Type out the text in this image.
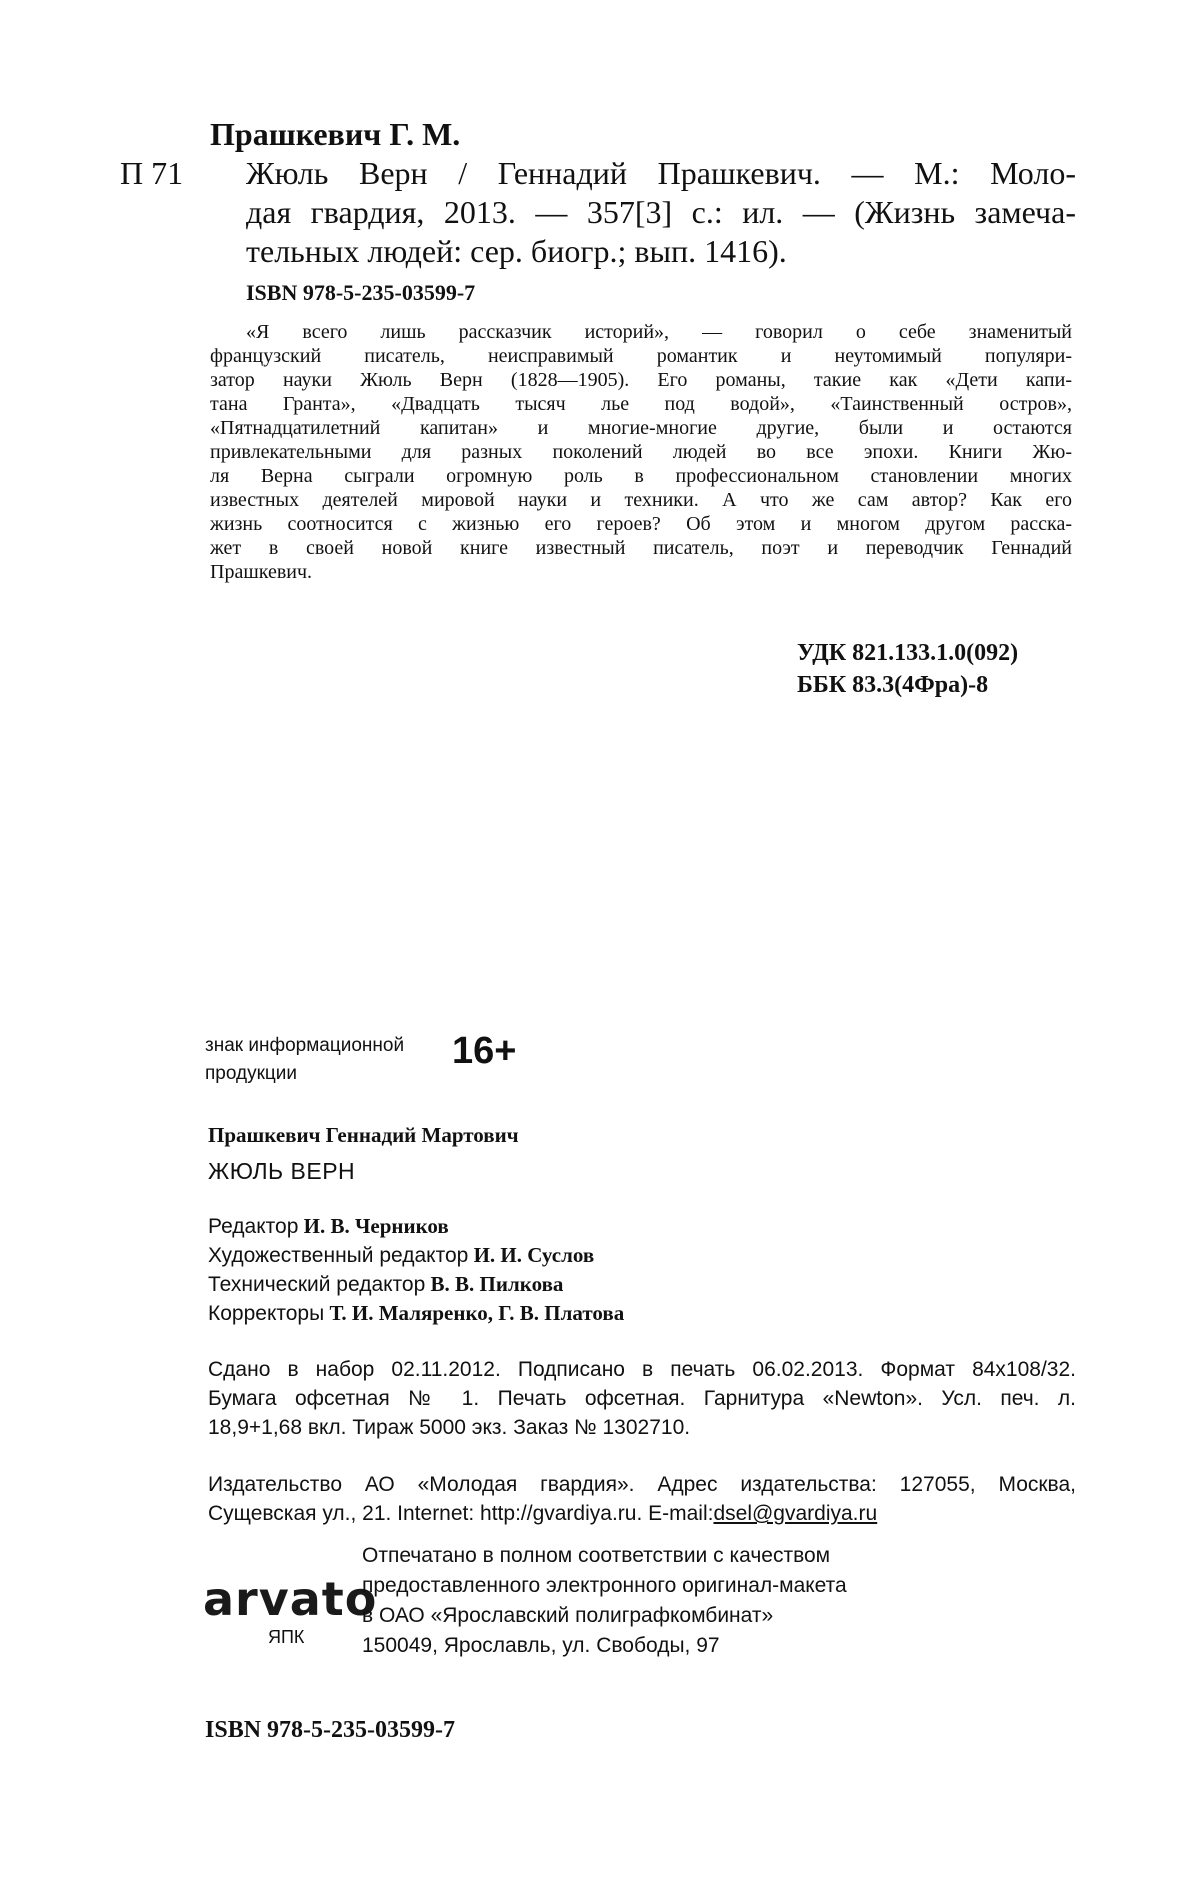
Прашкевич Г. М.
П 71 Жюль Верн / Геннадий Прашкевич. — М.: Моло-
дая гвардия, 2013. — 357[3] с.: ил. — (Жизнь замеча-
тельных людей: сер. биогр.; вып. 1416).
ISBN 978-5-235-03599-7
«Я всего лишь рассказчик историй», — говорил о себе знаменитый
французский писатель, неисправимый романтик и неутомимый популяри-
затор науки Жюль Верн (1828—1905). Его романы, такие как «Дети капи-
тана Гранта», «Двадцать тысяч лье под водой», «Таинственный остров»,
«Пятнадцатилетний капитан» и многие-многие другие, были и остаются
привлекательными для разных поколений людей во все эпохи. Книги Жю-
ля Верна сыграли огромную роль в профессиональном становлении многих
известных деятелей мировой науки и техники. А что же сам автор? Как его
жизнь соотносится с жизнью его героев? Об этом и многом другом расска-
жет в своей новой книге известный писатель, поэт и переводчик Геннадий
Прашкевич.
УДК 821.133.1.0(092)
ББК 83.3(4Фра)-8
знак информационной
продукции
16+
Прашкевич Геннадий Мартович
ЖЮЛЬ ВЕРН
Редактор И. В. Черников
Художественный редактор И. И. Суслов
Технический редактор В. В. Пилкова
Корректоры Т. И. Маляренко, Г. В. Платова
Сдано в набор 02.11.2012. Подписано в печать 06.02.2013. Формат 84x108/32.
Бумага офсетная № 1. Печать офсетная. Гарнитура «Newton». Усл. печ. л.
18,9+1,68 вкл. Тираж 5000 экз. Заказ № 1302710.
Издательство АО «Молодая гвардия». Адрес издательства: 127055, Москва,
Сущевская ул., 21. Internet: http://gvardiya.ru. E-mail:dsel@gvardiya.ru
arvato
ЯПК
Отпечатано в полном соответствии с качеством
предоставленного электронного оригинал-макета
в ОАО «Ярославский полиграфкомбинат»
150049, Ярославль, ул. Свободы, 97
ISBN 978-5-235-03599-7
